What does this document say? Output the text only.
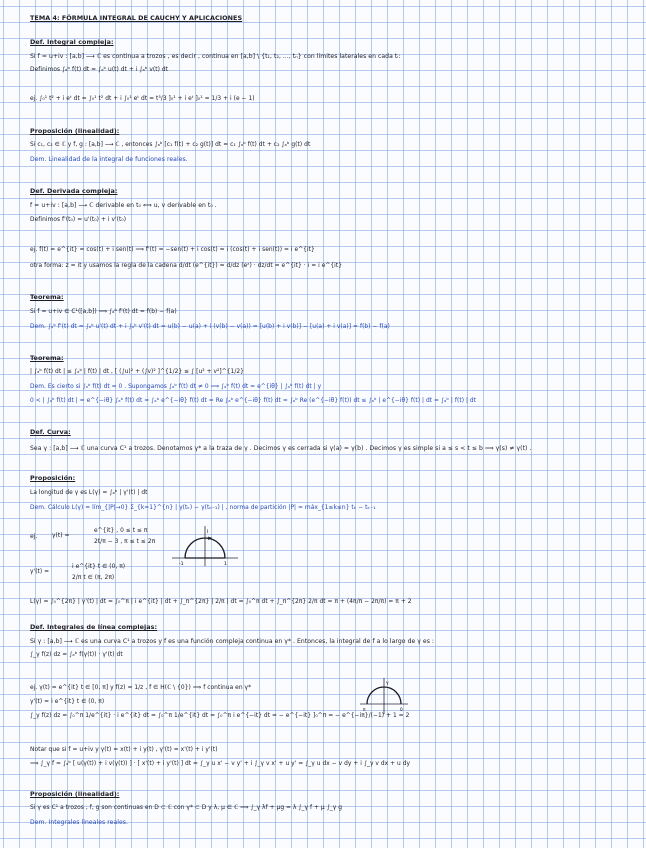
TEMA 4: FÓRMULA INTEGRAL DE CAUCHY Y APLICACIONES
Def. Integral compleja:
Si f = u+iv : [a,b] ⟶ ℂ es continua a trozos , es decir , continua en [a,b] \ {t₁, t₂, ..., tₙ} con límites laterales en cada tᵢ:
Definimos ∫ₐᵇ f(t) dt = ∫ₐᵇ u(t) dt + i ∫ₐᵇ v(t) dt
ej. ∫₀¹ t² + i eᵗ dt = ∫₀¹ t² dt + i ∫₀¹ eᵗ dt = t³/3 ]₀¹ + i eᵗ ]₀¹ = 1/3 + i (e − 1)
Proposición (linealidad):
Si c₁, c₂ ∈ ℂ y f, g : [a,b] ⟶ ℂ , entonces ∫ₐᵇ [c₁ f(t) + c₂ g(t)] dt = c₁ ∫ₐᵇ f(t) dt + c₂ ∫ₐᵇ g(t) dt
Dem. Linealidad de la integral de funciones reales.
Def. Derivada compleja:
f = u+iv : [a,b] ⟶ ℂ derivable en t₀ ⟺ u, v derivable en t₀ .
Definimos f'(t₀) = u'(t₀) + i v'(t₀)
ej. f(t) = e^{it} = cos(t) + i sen(t) ⟹ f'(t) = −sen(t) + i cos(t) = i (cos(t) + i sen(t)) = i e^{it}
otra forma: z = it y usamos la regla de la cadena d/dt (e^{it}) = d/dz (eᶻ) · dz/dt = e^{it} · i = i e^{it}
Teorema:
Si f = u+iv ∈ C¹([a,b]) ⟹ ∫ₐᵇ f'(t) dt = f(b) − f(a)
Dem. ∫ₐᵇ f'(t) dt = ∫ₐᵇ u'(t) dt + i ∫ₐᵇ v'(t) dt = u(b) − u(a) + i (v(b) − v(a)) = [u(b) + i v(b)] − [u(a) + i v(a)] = f(b) − f(a)
Teorema:
| ∫ₐᵇ f(t) dt | ≤ ∫ₐᵇ | f(t) | dt , [ (∫u)² + (∫v)² ]^{1/2} ≤ ∫ [u² + v²]^{1/2}
Dem. Es cierto si ∫ₐᵇ f(t) dt = 0 . Supongamos ∫ₐᵇ f(t) dt ≠ 0 ⟹ ∫ₐᵇ f(t) dt = e^{iθ} | ∫ₐᵇ f(t) dt | y
0 < | ∫ₐᵇ f(t) dt | = e^{−iθ} ∫ₐᵇ f(t) dt = ∫ₐᵇ e^{−iθ} f(t) dt = Re ∫ₐᵇ e^{−iθ} f(t) dt = ∫ₐᵇ Re (e^{−iθ} f(t)) dt ≤ ∫ₐᵇ | e^{−iθ} f(t) | dt = ∫ₐᵇ | f(t) | dt
Def. Curva:
Sea γ : [a,b] ⟶ ℂ una curva C¹ a trozos. Denotamos γ* a la traza de γ . Decimos γ es cerrada si γ(a) = γ(b) . Decimos γ es simple si a ≤ s < t ≤ b ⟹ γ(s) ≠ γ(t) .
Proposición:
La longitud de γ es L(γ) = ∫ₐᵇ | γ'(t) | dt
Dem. Cálculo L(γ) = lím_{|P|→0} Σ_{k=1}^{n} | γ(tₖ) − γ(tₖ₋₁) | , norma de partición |P| = máx_{1≤k≤n} tₖ − tₖ₋₁
ej.	γ(t) =
e^{it} , 0 ≤ t ≤ π
2t/π − 3 , π ≤ t ≤ 2π
γ'(t) =
i e^{it} t ∈ (0, π)
2/π t ∈ (π, 2π)
L(γ) = ∫₀^{2π} | γ'(t) | dt = ∫₀^π | i e^{it} | dt + ∫_π^{2π} | 2/π | dt = ∫₀^π dt + ∫_π^{2π} 2/π dt = π + (4π/π − 2π/π) = π + 2
i
-1	1
Def. Integrales de línea complejas:
Si γ : [a,b] ⟶ ℂ es una curva C¹ a trozos y f es una función compleja continua en γ* . Entonces, la integral de f a lo largo de γ es :
∫_γ f(z) dz = ∫ₐᵇ f(γ(t)) · γ'(t) dt
ej. γ(t) = e^{it} t ∈ [0, π] y f(z) = 1/z , f ∈ H(ℂ \ {0}) ⟹ f continua en γ*
γ'(t) = i e^{it} t ∈ (0, π)
∫_γ f(z) dz = ∫₀^π 1/e^{it} · i e^{it} dt = ∫₀^π 1/e^{it} dt = ∫₀^π i e^{−it} dt = − e^{−it} ]₀^π = − e^{−iπ}/(−1) + 1 = 2
γ
π	0
Notar que si f = u+iv y γ(t) = x(t) + i y(t) , γ'(t) = x'(t) + i y'(t)
⟹ ∫_γ f = ∫ₐᵇ [ u(γ(t)) + i v(γ(t)) ] · [ x'(t) + i y'(t) ] dt = ∫_γ u x' − v y' + i ∫_γ v x' + u y' = ∫_γ u dx − v dy + i ∫_γ v dx + u dy
Proposición (linealidad):
Si γ es C¹ a trozos , f, g son continuas en D ⊂ ℂ con γ* ⊂ D y λ, μ ∈ ℂ ⟹ ∫_γ λf + μg = λ ∫_γ f + μ ∫_γ g
Dem. Integrales lineales reales.
